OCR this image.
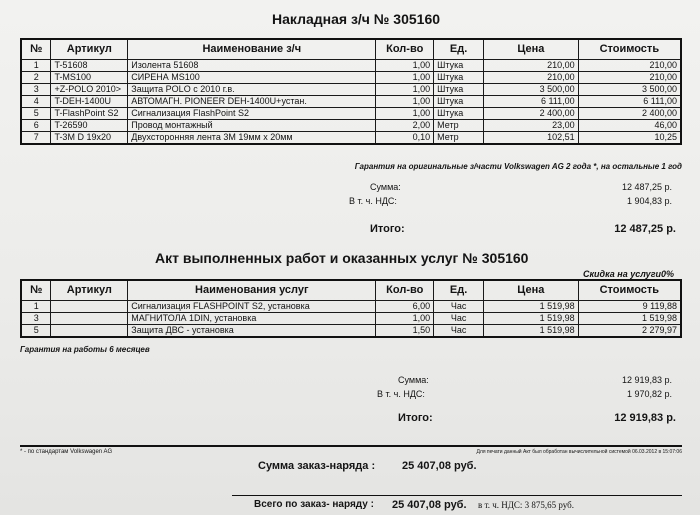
Накладная з/ч № 305160
№	Артикул	Наименование з/ч	Кол-во	Ед.	Цена	Стоимость
1	T-51608	Изолента 51608	1,00	Штука	210,00	210,00
2	T-MS100	СИРЕНА MS100	1,00	Штука	210,00	210,00
3	+Z-POLO 2010>	Защита POLO с 2010 г.в.	1,00	Штука	3 500,00	3 500,00
4	T-DEH-1400U	АВТОМАГН. PIONEER DEH-1400U+устан.	1,00	Штука	6 111,00	6 111,00
5	T-FlashPoint S2	Сигнализация FlashPoint S2	1,00	Штука	2 400,00	2 400,00
6	T-26590	Провод монтажный	2,00	Метр	23,00	46,00
7	T-3M D 19x20	Двухсторонняя лента 3M 19мм х 20мм	0,10	Метр	102,51	10,25
Гарантия на оригинальные з/части Volkswagen AG 2 года *, на остальные 1 год
Сумма:	12 487,25 р.
В т. ч. НДС:	1 904,83 р.
Итого:	12 487,25 р.
Акт выполненных работ и оказанных услуг № 305160
Скидка на услуги0%
№	Артикул	Наименования услуг	Кол-во	Ед.	Цена	Стоимость
1		Сигнализация FLASHPOINT S2, установка	6,00	Час	1 519,98	9 119,88
3		МАГНИТОЛА 1DIN, установка	1,00	Час	1 519,98	1 519,98
5		Защита ДВС - установка	1,50	Час	1 519,98	2 279,97
Гарантия на работы 6 месяцев
Сумма:	12 919,83 р.
В т. ч. НДС:	1 970,82 р.
Итого:	12 919,83 р.
* - по стандартам Volkswagen AG	Для печати данный Акт был обработан вычислительной системой 06.03.2012 в 15:07:06
Сумма заказ-наряда : 25 407,08 руб.
Всего по заказ- наряду : 25 407,08 руб. в т. ч. НДС: 3 875,65 руб.
